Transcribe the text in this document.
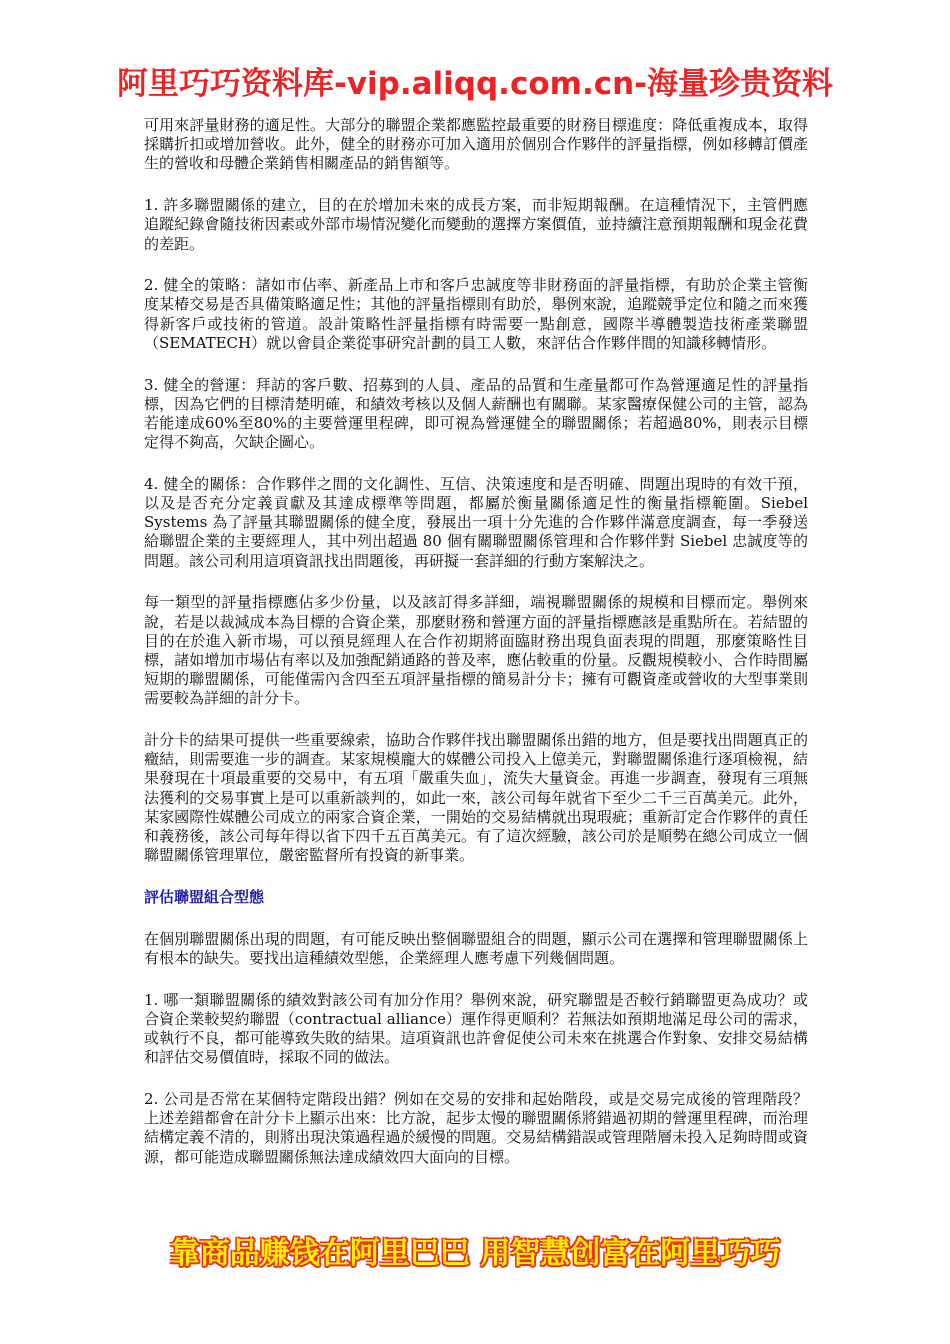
阿里巧巧资料库-vip.aliqq.com.cn-海量珍贵资料

可用來評量財務的適足性。大部分的聯盟企業都應監控最重要的財務目標進度：降低重複成本，取得採購折扣或增加營收。此外，健全的財務亦可加入適用於個別合作夥伴的評量指標，例如移轉訂價產生的營收和母體企業銷售相關產品的銷售額等。

1. 許多聯盟關係的建立，目的在於增加未來的成長方案，而非短期報酬。在這種情況下，主管們應追蹤紀錄會隨技術因素或外部市場情況變化而變動的選擇方案價值，並持續注意預期報酬和現金花費的差距。

2. 健全的策略：諸如市佔率、新產品上市和客戶忠誠度等非財務面的評量指標，有助於企業主管衡度某椿交易是否具備策略適足性；其他的評量指標則有助於，舉例來說，追蹤競爭定位和隨之而來獲得新客戶或技術的管道。設計策略性評量指標有時需要一點創意，國際半導體製造技術產業聯盟（SEMATECH）就以會員企業從事研究計劃的員工人數，來評估合作夥伴間的知識移轉情形。

3. 健全的營運：拜訪的客戶數、招募到的人員、產品的品質和生產量都可作為營運適足性的評量指標，因為它們的目標清楚明確，和績效考核以及個人薪酬也有關聯。某家醫療保健公司的主管，認為若能達成60%至80%的主要營運里程碑，即可視為營運健全的聯盟關係；若超過80%，則表示目標定得不夠高，欠缺企圖心。

4. 健全的關係：合作夥伴之間的文化調性、互信、決策速度和是否明確、問題出現時的有效干預，以及是否充分定義貢獻及其達成標準等問題，都屬於衡量關係適足性的衡量指標範圍。Siebel Systems 為了評量其聯盟關係的健全度，發展出一項十分先進的合作夥伴滿意度調查，每一季發送給聯盟企業的主要經理人，其中列出超過 80 個有關聯盟關係管理和合作夥伴對 Siebel 忠誠度等的問題。該公司利用這項資訊找出問題後，再研擬一套詳細的行動方案解決之。

每一類型的評量指標應佔多少份量，以及該訂得多詳細，端視聯盟關係的規模和目標而定。舉例來說，若是以裁減成本為目標的合資企業，那麼財務和營運方面的評量指標應該是重點所在。若結盟的目的在於進入新市場，可以預見經理人在合作初期將面臨財務出現負面表現的問題，那麼策略性目標，諸如增加市場佔有率以及加強配銷通路的普及率，應佔較重的份量。反觀規模較小、合作時間屬短期的聯盟關係，可能僅需內含四至五項評量指標的簡易計分卡；擁有可觀資產或營收的大型事業則需要較為詳細的計分卡。

計分卡的結果可提供一些重要線索，協助合作夥伴找出聯盟關係出錯的地方，但是要找出問題真正的癥結，則需要進一步的調查。某家規模龐大的媒體公司投入上億美元，對聯盟關係進行逐項檢視，結果發現在十項最重要的交易中，有五項「嚴重失血」，流失大量資金。再進一步調查，發現有三項無法獲利的交易事實上是可以重新談判的，如此一來，該公司每年就省下至少二千三百萬美元。此外，某家國際性媒體公司成立的兩家合資企業，一開始的交易結構就出現瑕疵；重新訂定合作夥伴的責任和義務後，該公司每年得以省下四千五百萬美元。有了這次經驗，該公司於是順勢在總公司成立一個聯盟關係管理單位，嚴密監督所有投資的新事業。

評估聯盟組合型態

在個別聯盟關係出現的問題，有可能反映出整個聯盟組合的問題，顯示公司在選擇和管理聯盟關係上有根本的缺失。要找出這種績效型態，企業經理人應考慮下列幾個問題。

1. 哪一類聯盟關係的績效對該公司有加分作用？舉例來說，研究聯盟是否較行銷聯盟更為成功？或合資企業較契約聯盟（contractual alliance）運作得更順利？若無法如預期地滿足母公司的需求，或執行不良，都可能導致失敗的結果。這項資訊也許會促使公司未來在挑選合作對象、安排交易結構和評估交易價值時，採取不同的做法。

2. 公司是否常在某個特定階段出錯？例如在交易的安排和起始階段，或是交易完成後的管理階段？上述差錯都會在計分卡上顯示出來：比方說，起步太慢的聯盟關係將錯過初期的營運里程碑，而治理結構定義不清的，則將出現決策過程過於緩慢的問題。交易結構錯誤或管理階層未投入足夠時間或資源，都可能造成聯盟關係無法達成績效四大面向的目標。

靠商品赚钱在阿里巴巴 用智慧创富在阿里巧巧
